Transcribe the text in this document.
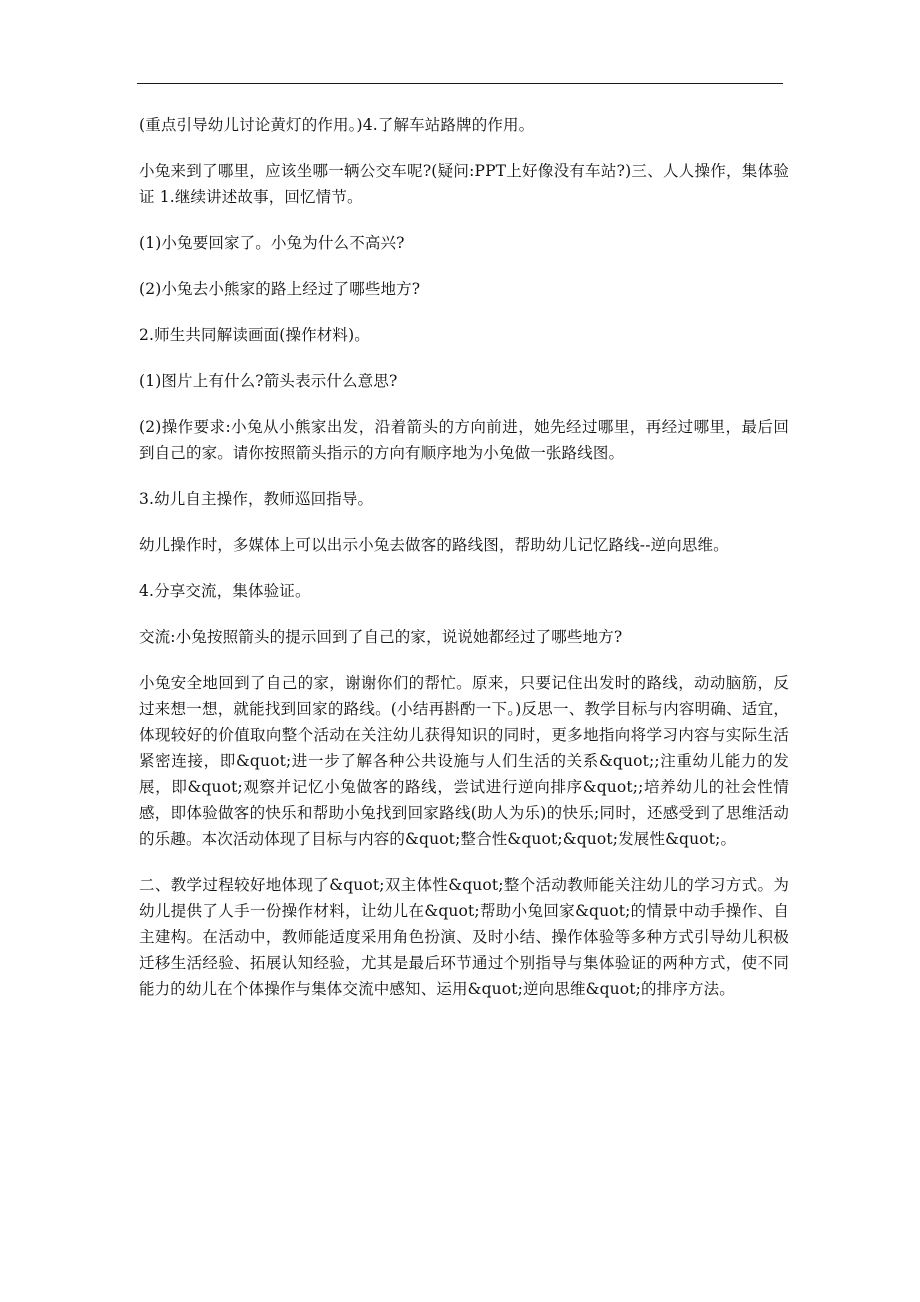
(重点引导幼儿讨论黄灯的作用。)4.了解车站路牌的作用。

小兔来到了哪里，应该坐哪一辆公交车呢?(疑问:PPT上好像没有车站?)三、人人操作，集体验证 1.继续讲述故事，回忆情节。

(1)小兔要回家了。小兔为什么不高兴?

(2)小兔去小熊家的路上经过了哪些地方?

2.师生共同解读画面(操作材料)。

(1)图片上有什么?箭头表示什么意思?

(2)操作要求:小兔从小熊家出发，沿着箭头的方向前进，她先经过哪里，再经过哪里，最后回到自己的家。请你按照箭头指示的方向有顺序地为小兔做一张路线图。

3.幼儿自主操作，教师巡回指导。

幼儿操作时，多媒体上可以出示小兔去做客的路线图，帮助幼儿记忆路线--逆向思维。

4.分享交流，集体验证。

交流:小兔按照箭头的提示回到了自己的家，说说她都经过了哪些地方?

小兔安全地回到了自己的家，谢谢你们的帮忙。原来，只要记住出发时的路线，动动脑筋，反过来想一想，就能找到回家的路线。(小结再斟酌一下。)反思一、教学目标与内容明确、适宜，体现较好的价值取向整个活动在关注幼儿获得知识的同时，更多地指向将学习内容与实际生活紧密连接，即&quot;进一步了解各种公共设施与人们生活的关系&quot;;注重幼儿能力的发展，即&quot;观察并记忆小兔做客的路线，尝试进行逆向排序&quot;;培养幼儿的社会性情感，即体验做客的快乐和帮助小兔找到回家路线(助人为乐)的快乐;同时，还感受到了思维活动的乐趣。本次活动体现了目标与内容的&quot;整合性&quot;&quot;发展性&quot;。

二、教学过程较好地体现了&quot;双主体性&quot;整个活动教师能关注幼儿的学习方式。为幼儿提供了人手一份操作材料，让幼儿在&quot;帮助小兔回家&quot;的情景中动手操作、自主建构。在活动中，教师能适度采用角色扮演、及时小结、操作体验等多种方式引导幼儿积极迁移生活经验、拓展认知经验，尤其是最后环节通过个别指导与集体验证的两种方式，使不同能力的幼儿在个体操作与集体交流中感知、运用&quot;逆向思维&quot;的排序方法。
